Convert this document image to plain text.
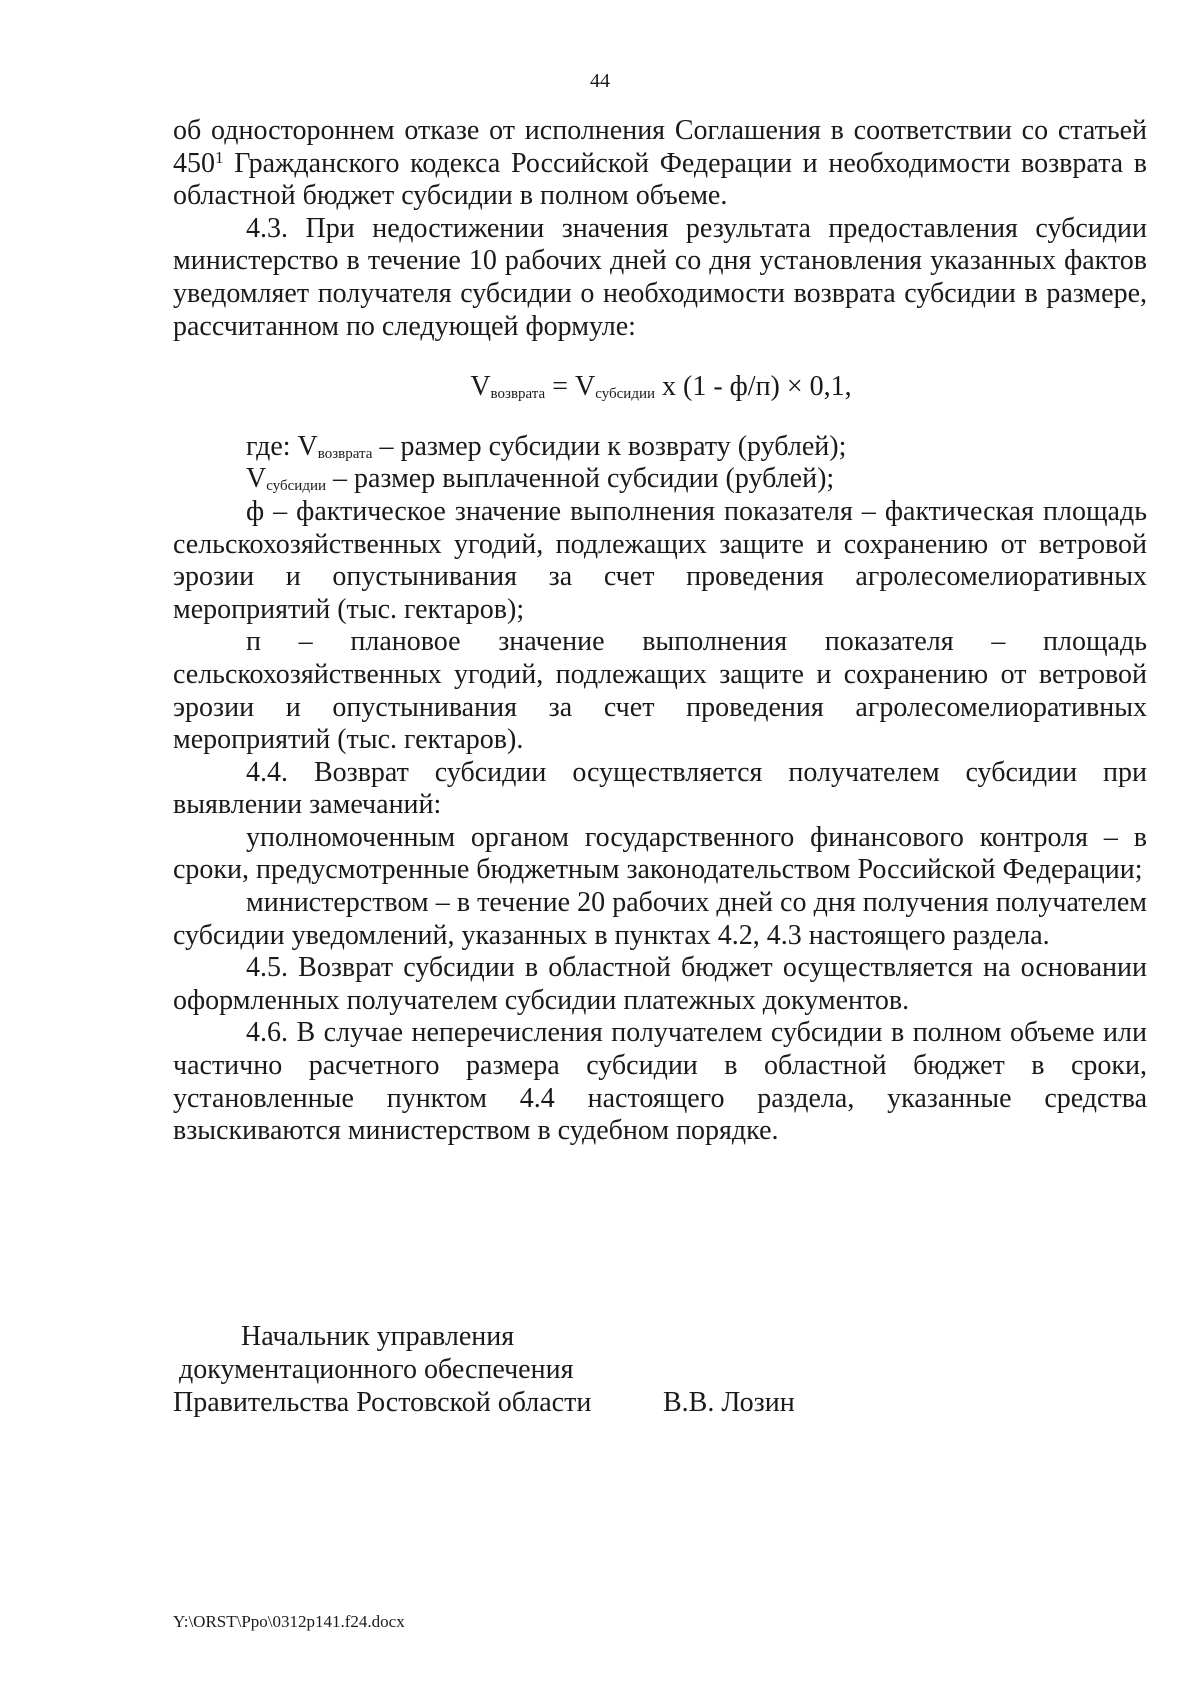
44

об одностороннем отказе от исполнения Соглашения в соответствии со статьей $450^1$ Гражданского кодекса Российской Федерации и необходимости возврата в областной бюджет субсидии в полном объеме.

4.3. При недостижении значения результата предоставления субсидии министерство в течение 10 рабочих дней со дня установления указанных фактов уведомляет получателя субсидии о необходимости возврата субсидии в размере, рассчитанном по следующей формуле:

$V_{возврата} = V_{субсидии}$ х (1 - ф/п) × 0,1,

где: $V_{возврата}$ – размер субсидии к возврату (рублей);

$V_{субсидии}$ – размер выплаченной субсидии (рублей);

ф – фактическое значение выполнения показателя – фактическая площадь сельскохозяйственных угодий, подлежащих защите и сохранению от ветровой эрозии и опустынивания за счет проведения агролесомелиоративных мероприятий (тыс. гектаров);

п – плановое значение выполнения показателя – площадь сельскохозяйственных угодий, подлежащих защите и сохранению от ветровой эрозии и опустынивания за счет проведения агролесомелиоративных мероприятий (тыс. гектаров).

4.4. Возврат субсидии осуществляется получателем субсидии при выявлении замечаний:

уполномоченным органом государственного финансового контроля – в сроки, предусмотренные бюджетным законодательством Российской Федерации;

министерством – в течение 20 рабочих дней со дня получения получателем субсидии уведомлений, указанных в пунктах 4.2, 4.3 настоящего раздела.

4.5. Возврат субсидии в областной бюджет осуществляется на основании оформленных получателем субсидии платежных документов.

4.6. В случае неперечисления получателем субсидии в полном объеме или частично расчетного размера субсидии в областной бюджет в сроки, установленные пунктом 4.4 настоящего раздела, указанные средства взыскиваются министерством в судебном порядке.

Начальник управления
документационного обеспечения
Правительства Ростовской области	В.В. Лозин
Y:\ORST\Ppo\0312p141.f24.docx
